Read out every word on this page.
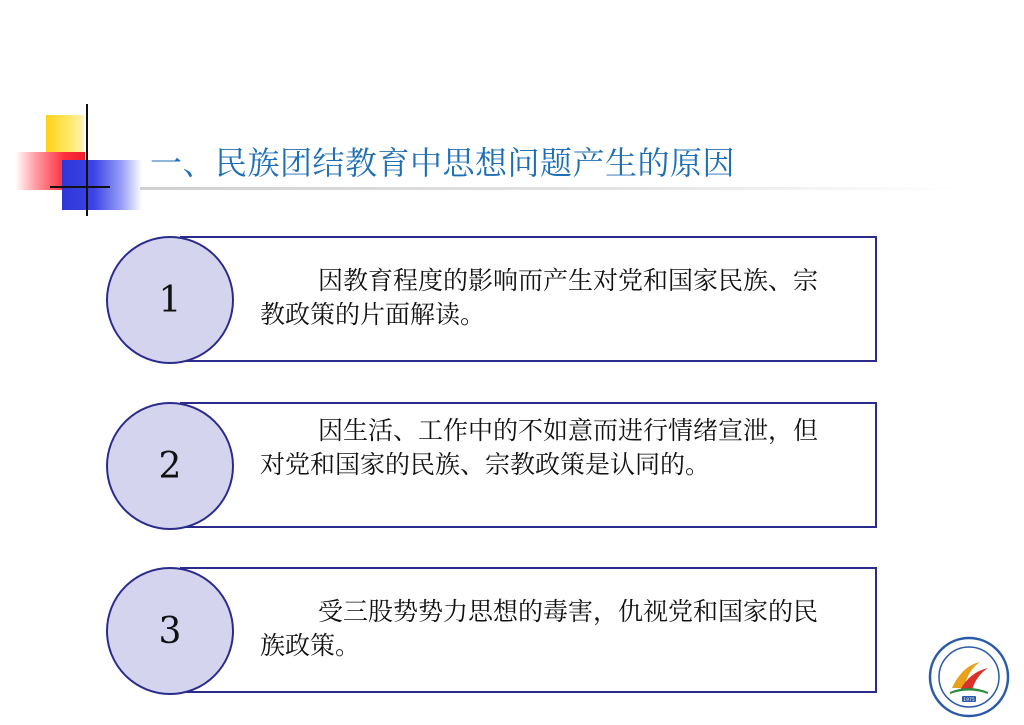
一、民族团结教育中思想问题产生的原因
1	因教育程度的影响而产生对党和国家民族、宗教政策的片面解读。
2
因生活、工作中的不如意而进行情绪宣泄，但对党和国家的民族、宗教政策是认同的。
3	受三股势势力思想的毒害，仇视党和国家的民族政策。
1975
